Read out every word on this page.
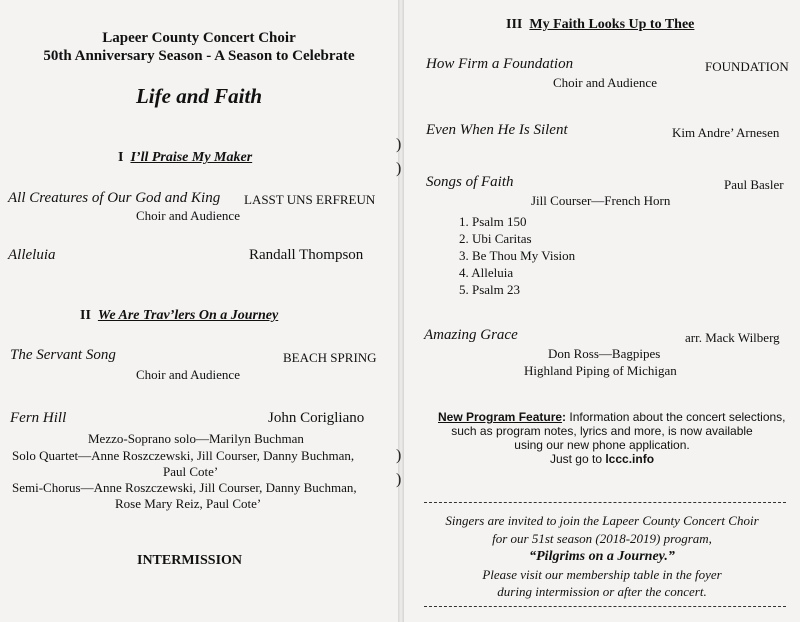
Lapeer County Concert Choir
50th Anniversary Season - A Season to Celebrate
Life and Faith
I I’ll Praise My Maker
All Creatures of Our God and King LASST UNS ERFREUN
Choir and Audience
Alleluia	Randall Thompson
II We Are Trav’lers On a Journey
The Servant Song	BEACH SPRING
Choir and Audience
Fern Hill	John Corigliano
Mezzo-Soprano solo—Marilyn Buchman
Solo Quartet—Anne Roszczewski, Jill Courser, Danny Buchman,
Paul Cote’
Semi-Chorus—Anne Roszczewski, Jill Courser, Danny Buchman,
Rose Mary Reiz, Paul Cote’
INTERMISSION
)
)
)
)
III My Faith Looks Up to Thee
How Firm a Foundation	FOUNDATION
Choir and Audience
Even When He Is Silent	Kim Andre’ Arnesen
Songs of Faith	Paul Basler
Jill Courser—French Horn
1. Psalm 150
2. Ubi Caritas
3. Be Thou My Vision
4. Alleluia
5. Psalm 23
Amazing Grace	arr. Mack Wilberg
Don Ross—Bagpipes
Highland Piping of Michigan
New Program Feature: Information about the concert selections,
such as program notes, lyrics and more, is now available
using our new phone application.
Just go to lccc.info
Singers are invited to join the Lapeer County Concert Choir
for our 51st season (2018-2019) program,
“Pilgrims on a Journey.”
Please visit our membership table in the foyer
during intermission or after the concert.
